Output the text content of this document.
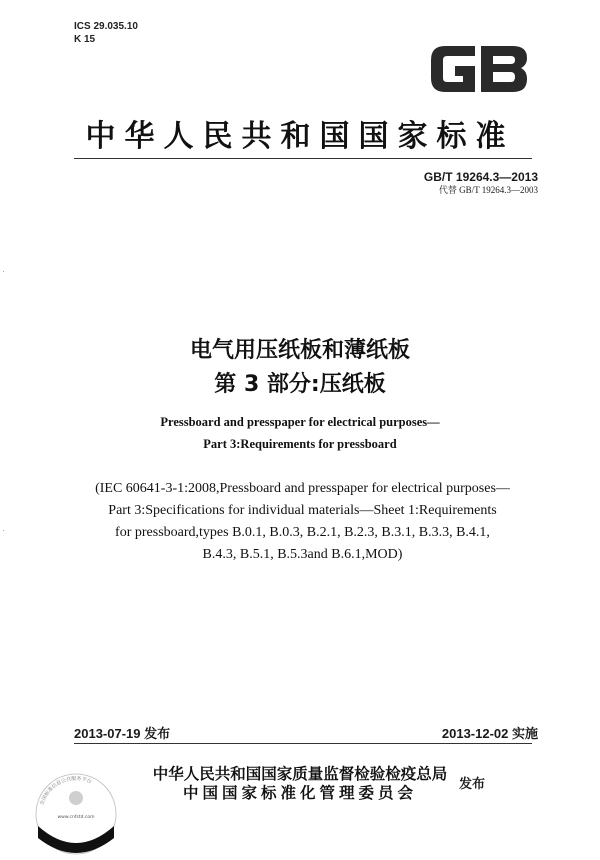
ICS 29.035.10
K 15
中华人民共和国国家标准
GB/T 19264.3—2013
代替 GB/T 19264.3—2003
电气用压纸板和薄纸板
第 3 部分:压纸板
Pressboard and presspaper for electrical purposes—
Part 3:Requirements for pressboard
(IEC 60641-3-1:2008,Pressboard and presspaper for electrical purposes—
Part 3:Specifications for individual materials—Sheet 1:Requirements
for pressboard,types B.0.1, B.0.3, B.2.1, B.2.3, B.3.1, B.3.3, B.4.1,
B.4.3, B.5.1, B.5.3and B.6.1,MOD)
2013-07-19 发布	2013-12-02 实施
中华人民共和国国家质量监督检验检疫总局
中国国家标准化管理委员会	发布
全国标准信息公共服务平台
www.cnfstd.com
·
·
